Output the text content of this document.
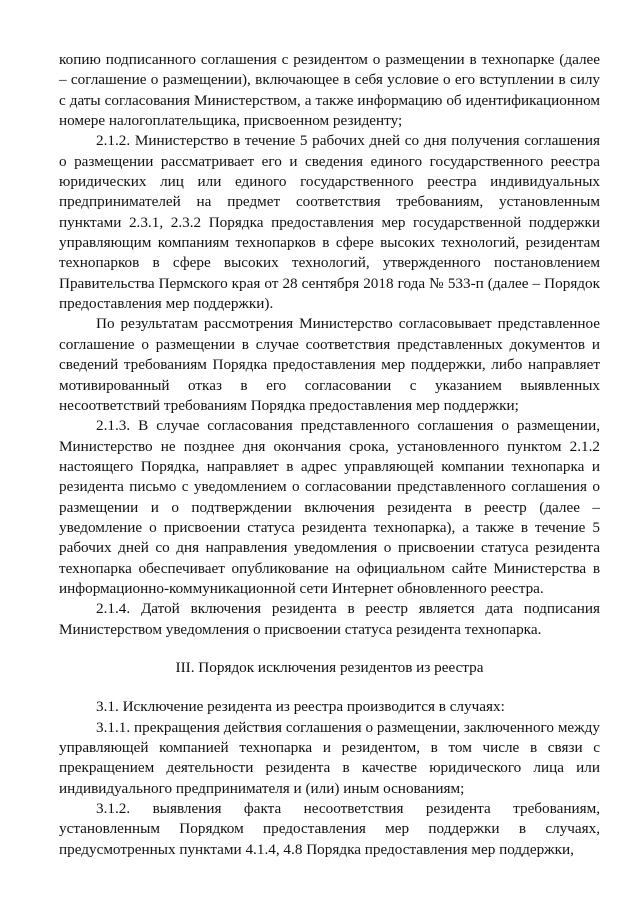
копию подписанного соглашения с резидентом о размещении в технопарке (далее – соглашение о размещении), включающее в себя условие о его вступлении в силу с даты согласования Министерством, а также информацию об идентификационном номере налогоплательщика, присвоенном резиденту;

2.1.2. Министерство в течение 5 рабочих дней со дня получения соглашения о размещении рассматривает его и сведения единого государственного реестра юридических лиц или единого государственного реестра индивидуальных предпринимателей на предмет соответствия требованиям, установленным пунктами 2.3.1, 2.3.2 Порядка предоставления мер государственной поддержки управляющим компаниям технопарков в сфере высоких технологий, резидентам технопарков в сфере высоких технологий, утвержденного постановлением Правительства Пермского края от 28 сентября 2018 года № 533-п (далее – Порядок предоставления мер поддержки).

По результатам рассмотрения Министерство согласовывает представленное соглашение о размещении в случае соответствия представленных документов и сведений требованиям Порядка предоставления мер поддержки, либо направляет мотивированный отказ в его согласовании с указанием выявленных несоответствий требованиям Порядка предоставления мер поддержки;

2.1.3. В случае согласования представленного соглашения о размещении, Министерство не позднее дня окончания срока, установленного пунктом 2.1.2 настоящего Порядка, направляет в адрес управляющей компании технопарка и резидента письмо с уведомлением о согласовании представленного соглашения о размещении и о подтверждении включения резидента в реестр (далее – уведомление о присвоении статуса резидента технопарка), а также в течение 5 рабочих дней со дня направления уведомления о присвоении статуса резидента технопарка обеспечивает опубликование на официальном сайте Министерства в информационно-коммуникационной сети Интернет обновленного реестра.

2.1.4. Датой включения резидента в реестр является дата подписания Министерством уведомления о присвоении статуса резидента технопарка.

III. Порядок исключения резидентов из реестра

3.1. Исключение резидента из реестра производится в случаях:

3.1.1. прекращения действия соглашения о размещении, заключенного между управляющей компанией технопарка и резидентом, в том числе в связи с прекращением деятельности резидента в качестве юридического лица или индивидуального предпринимателя и (или) иным основаниям;

3.1.2. выявления факта несоответствия резидента требованиям, установленным Порядком предоставления мер поддержки в случаях, предусмотренных пунктами 4.1.4, 4.8 Порядка предоставления мер поддержки,
